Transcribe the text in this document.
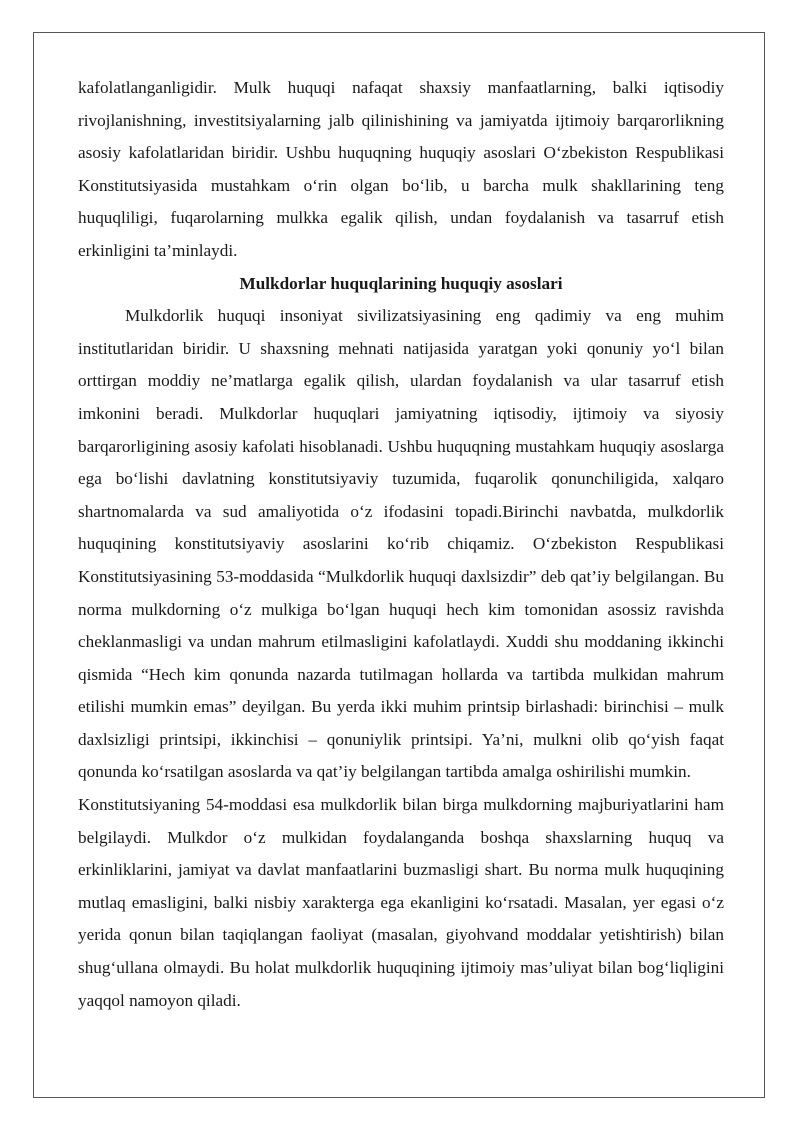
kafolatlanganligidir. Mulk huquqi nafaqat shaxsiy manfaatlarning, balki iqtisodiy rivojlanishning, investitsiyalarning jalb qilinishining va jamiyatda ijtimoiy barqarorlikning asosiy kafolatlaridan biridir. Ushbu huquqning huquqiy asoslari O‘zbekiston Respublikasi Konstitutsiyasida mustahkam o‘rin olgan bo‘lib, u barcha mulk shakllarining teng huquqliligi, fuqarolarning mulkka egalik qilish, undan foydalanish va tasarruf etish erkinligini ta’minlaydi.

Mulkdorlar huquqlarining huquqiy asoslari

Mulkdorlik huquqi insoniyat sivilizatsiyasining eng qadimiy va eng muhim institutlaridan biridir. U shaxsning mehnati natijasida yaratgan yoki qonuniy yo‘l bilan orttirgan moddiy ne’matlarga egalik qilish, ulardan foydalanish va ular tasarruf etish imkonini beradi. Mulkdorlar huquqlari jamiyatning iqtisodiy, ijtimoiy va siyosiy barqarorligining asosiy kafolati hisoblanadi. Ushbu huquqning mustahkam huquqiy asoslarga ega bo‘lishi davlatning konstitutsiyaviy tuzumida, fuqarolik qonunchiligida, xalqaro shartnomalarda va sud amaliyotida o‘z ifodasini topadi.Birinchi navbatda, mulkdorlik huquqining konstitutsiyaviy asoslarini ko‘rib chiqamiz. O‘zbekiston Respublikasi Konstitutsiyasining 53-moddasida “Mulkdorlik huquqi daxlsizdir” deb qat’iy belgilangan. Bu norma mulkdorning o‘z mulkiga bo‘lgan huquqi hech kim tomonidan asossiz ravishda cheklanmasligi va undan mahrum etilmasligini kafolatlaydi. Xuddi shu moddaning ikkinchi qismida “Hech kim qonunda nazarda tutilmagan hollarda va tartibda mulkidan mahrum etilishi mumkin emas” deyilgan. Bu yerda ikki muhim printsip birlashadi: birinchisi – mulk daxlsizligi printsipi, ikkinchisi – qonuniylik printsipi. Ya’ni, mulkni olib qo‘yish faqat qonunda ko‘rsatilgan asoslarda va qat’iy belgilangan tartibda amalga oshirilishi mumkin.

Konstitutsiyaning 54-moddasi esa mulkdorlik bilan birga mulkdorning majburiyatlarini ham belgilaydi. Mulkdor o‘z mulkidan foydalanganda boshqa shaxslarning huquq va erkinliklarini, jamiyat va davlat manfaatlarini buzmasligi shart. Bu norma mulk huquqining mutlaq emasligini, balki nisbiy xarakterga ega ekanligini ko‘rsatadi. Masalan, yer egasi o‘z yerida qonun bilan taqiqlangan faoliyat (masalan, giyohvand moddalar yetishtirish) bilan shug‘ullana olmaydi. Bu holat mulkdorlik huquqining ijtimoiy mas’uliyat bilan bog‘liqligini yaqqol namoyon qiladi.
